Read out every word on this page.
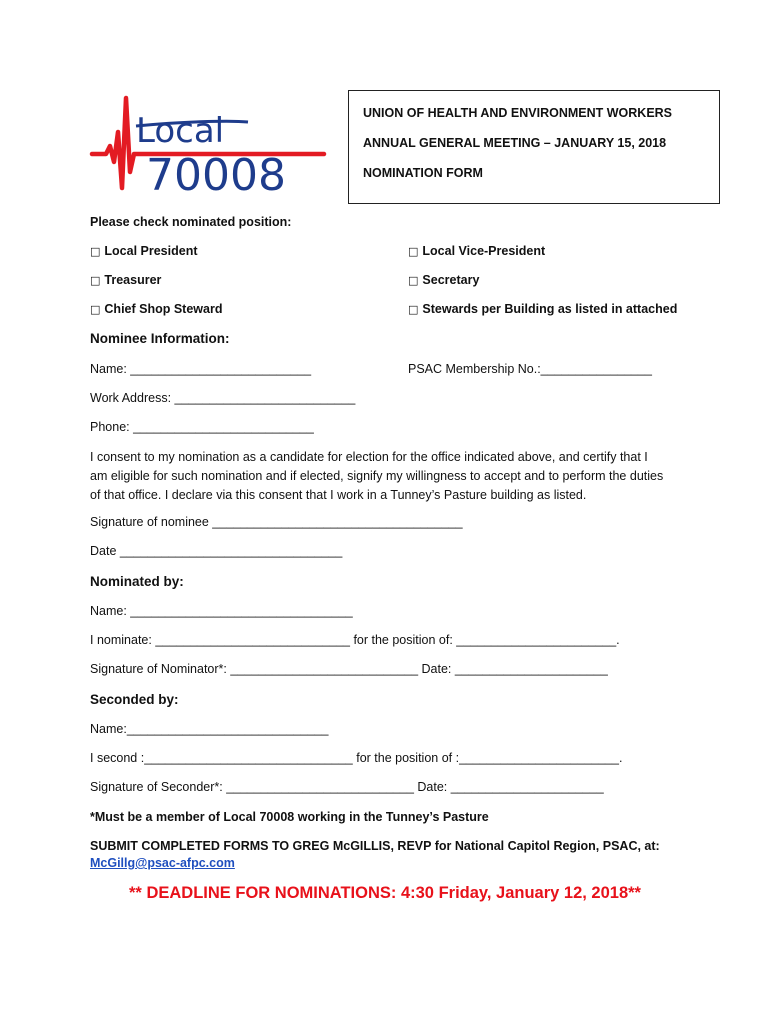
Local
70008
UNION OF HEALTH AND ENVIRONMENT WORKERS
ANNUAL GENERAL MEETING – JANUARY 15, 2018
NOMINATION FORM
Please check nominated position:
□ Local President	□ Local Vice-President
□ Treasurer	□ Secretary
□ Chief Shop Steward	□ Stewards per Building as listed in attached
Nominee Information:
Name: __________________________	PSAC Membership No.:________________
Work Address: __________________________
Phone: __________________________

I consent to my nomination as a candidate for election for the office indicated above, and certify that I

am eligible for such nomination and if elected, signify my willingness to accept and to perform the duties

of that office. I declare via this consent that I work in a Tunney’s Pasture building as listed.

Signature of nominee ____________________________________
Date ________________________________
Nominated by:
Name: ________________________________
I nominate: ____________________________ for the position of: _______________________.
Signature of Nominator*: ___________________________ Date: ______________________
Seconded by:
Name:_____________________________
I second :______________________________ for the position of :_______________________.
Signature of Seconder*: ___________________________ Date: ______________________
*Must be a member of Local 70008 working in the Tunney’s Pasture
SUBMIT COMPLETED FORMS TO GREG McGILLIS, REVP for National Capitol Region, PSAC, at:
McGillg@psac-afpc.com
** DEADLINE FOR NOMINATIONS: 4:30 Friday, January 12, 2018**
